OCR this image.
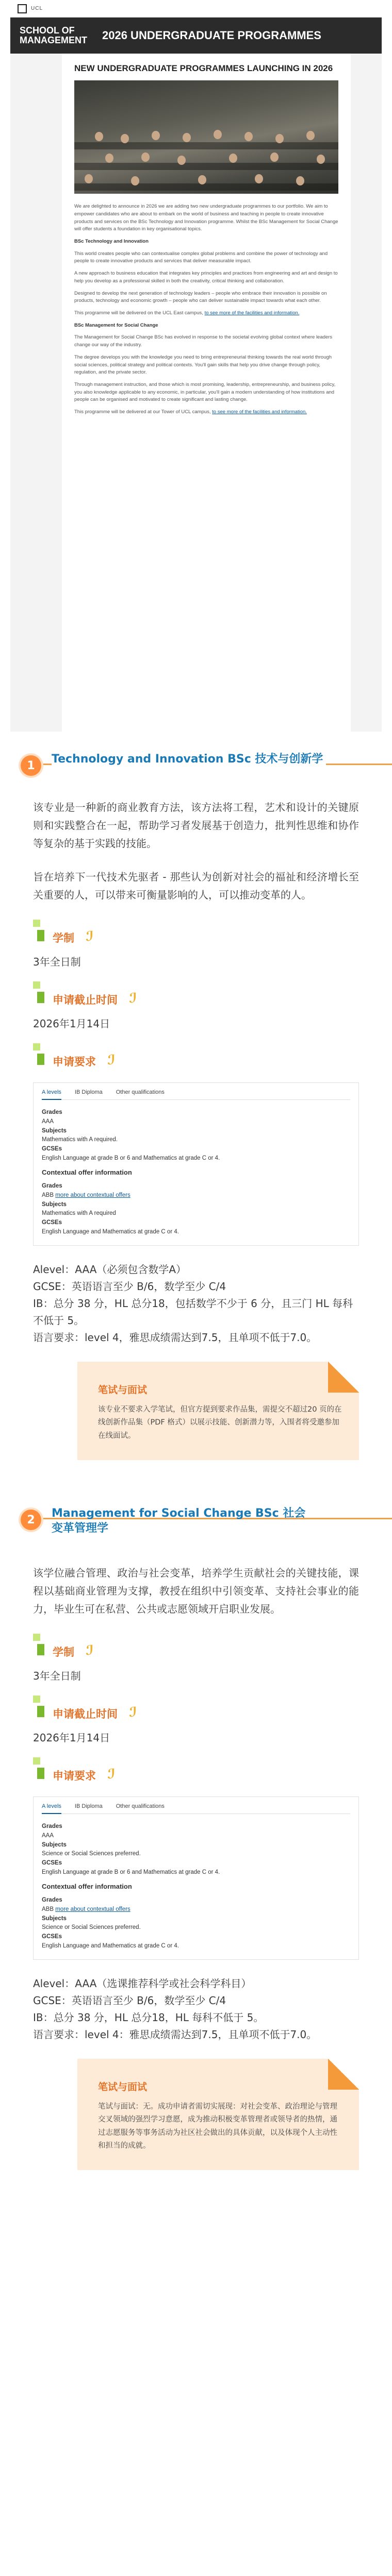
UCL
SCHOOL OF MANAGEMENT	2026 UNDERGRADUATE PROGRAMMES
NEW UNDERGRADUATE PROGRAMMES LAUNCHING IN 2026

We are delighted to announce in 2026 we are adding two new undergraduate programmes to our portfolio. We aim to empower candidates who are about to embark on the world of business and teaching in people to create innovative products and services on the BSc Technology and Innovation programme. Whilst the BSc Management for Social Change will offer students a foundation in key organisational topics.

BSc Technology and Innovation

This world creates people who can contextualise complex global problems and combine the power of technology and people to create innovative products and services that deliver measurable impact.

A new approach to business education that integrates key principles and practices from engineering and art and design to help you develop as a professional skilled in both the creativity, critical thinking and collaboration.

Designed to develop the next generation of technology leaders – people who embrace their innovation is possible on products, technology and economic growth – people who can deliver sustainable impact towards what each other.

This programme will be delivered on the UCL East campus, to see more of the facilities and information.

BSc Management for Social Change

The Management for Social Change BSc has evolved in response to the societal evolving global context where leaders change our way of the industry.

The degree develops you with the knowledge you need to bring entrepreneurial thinking towards the real world through social sciences, political strategy and political contexts. You'll gain skills that help you drive change through policy, regulation, and the private sector.

Through management instruction, and those which is most promising, leadership, entrepreneurship, and business policy, you also knowledge applicable to any economic, in particular, you'll gain a modern understanding of how institutions and people can be organised and motivated to create significant and lasting change.

This programme will be delivered at our Tower of UCL campus, to see more of the facilities and information.

1	Technology and Innovation BSc 技术与创新学

该专业是一种新的商业教育方法，该方法将工程，艺术和设计的关键原则和实践整合在一起，帮助学习者发展基于创造力，批判性思维和协作等复杂的基于实践的技能。

旨在培养下一代技术先驱者 - 那些认为创新对社会的福祉和经济增长至关重要的人，可以带来可衡量影响的人，可以推动变革的人。

学制 ℐ
3年全日制
申请截止时间 ℐ
2026年1月14日
申请要求 ℐ
A levels IB Diploma Other qualifications
Grades
AAA
Subjects
Mathematics with A required.
GCSEs
English Language at grade B or 6 and Mathematics at grade C or 4.
Contextual offer information
Grades
ABB more about contextual offers
Subjects
Mathematics with A required
GCSEs
English Language and Mathematics at grade C or 4.
Alevel：AAA（必须包含数学A）
GCSE：英语语言至少 B/6，数学至少 C/4
IB：总分 38 分，HL 总分18，包括数学不少于 6 分，且三门 HL 每科不低于 5。
语言要求：level 4，雅思成绩需达到7.5，且单项不低于7.0。
笔试与面试
该专业不要求入学笔试，但官方提到要求作品集，需提交不超过20 页的在线创新作品集（PDF 格式）以展示技能、创新潜力等，入围者将受邀参加在线面试。
2	Management for Social Change BSc 社会变革管理学

该学位融合管理、政治与社会变革，培养学生贡献社会的关键技能，课程以基础商业管理为支撑，教授在组织中引领变革、支持社会事业的能力，毕业生可在私营、公共或志愿领域开启职业发展。

学制 ℐ
3年全日制
申请截止时间 ℐ
2026年1月14日
申请要求 ℐ
A levels IB Diploma Other qualifications
Grades
AAA
Subjects
Science or Social Sciences preferred.
GCSEs
English Language at grade B or 6 and Mathematics at grade C or 4.
Contextual offer information
Grades
ABB more about contextual offers
Subjects
Science or Social Sciences preferred.
GCSEs
English Language and Mathematics at grade C or 4.
Alevel：AAA（选课推荐科学或社会科学科目）
GCSE：英语语言至少 B/6，数学至少 C/4
IB：总分 38 分，HL 总分18，HL 每科不低于 5。
语言要求：level 4：雅思成绩需达到7.5，且单项不低于7.0。
笔试与面试
笔试与面试：无。成功申请者需切实展现：对社会变革、政治理论与管理交叉领域的强烈学习意愿，成为推动积极变革管理者或领导者的热情，通过志愿服务等事务活动为社区社会做出的具体贡献，以及体现个人主动性和担当的成就。
